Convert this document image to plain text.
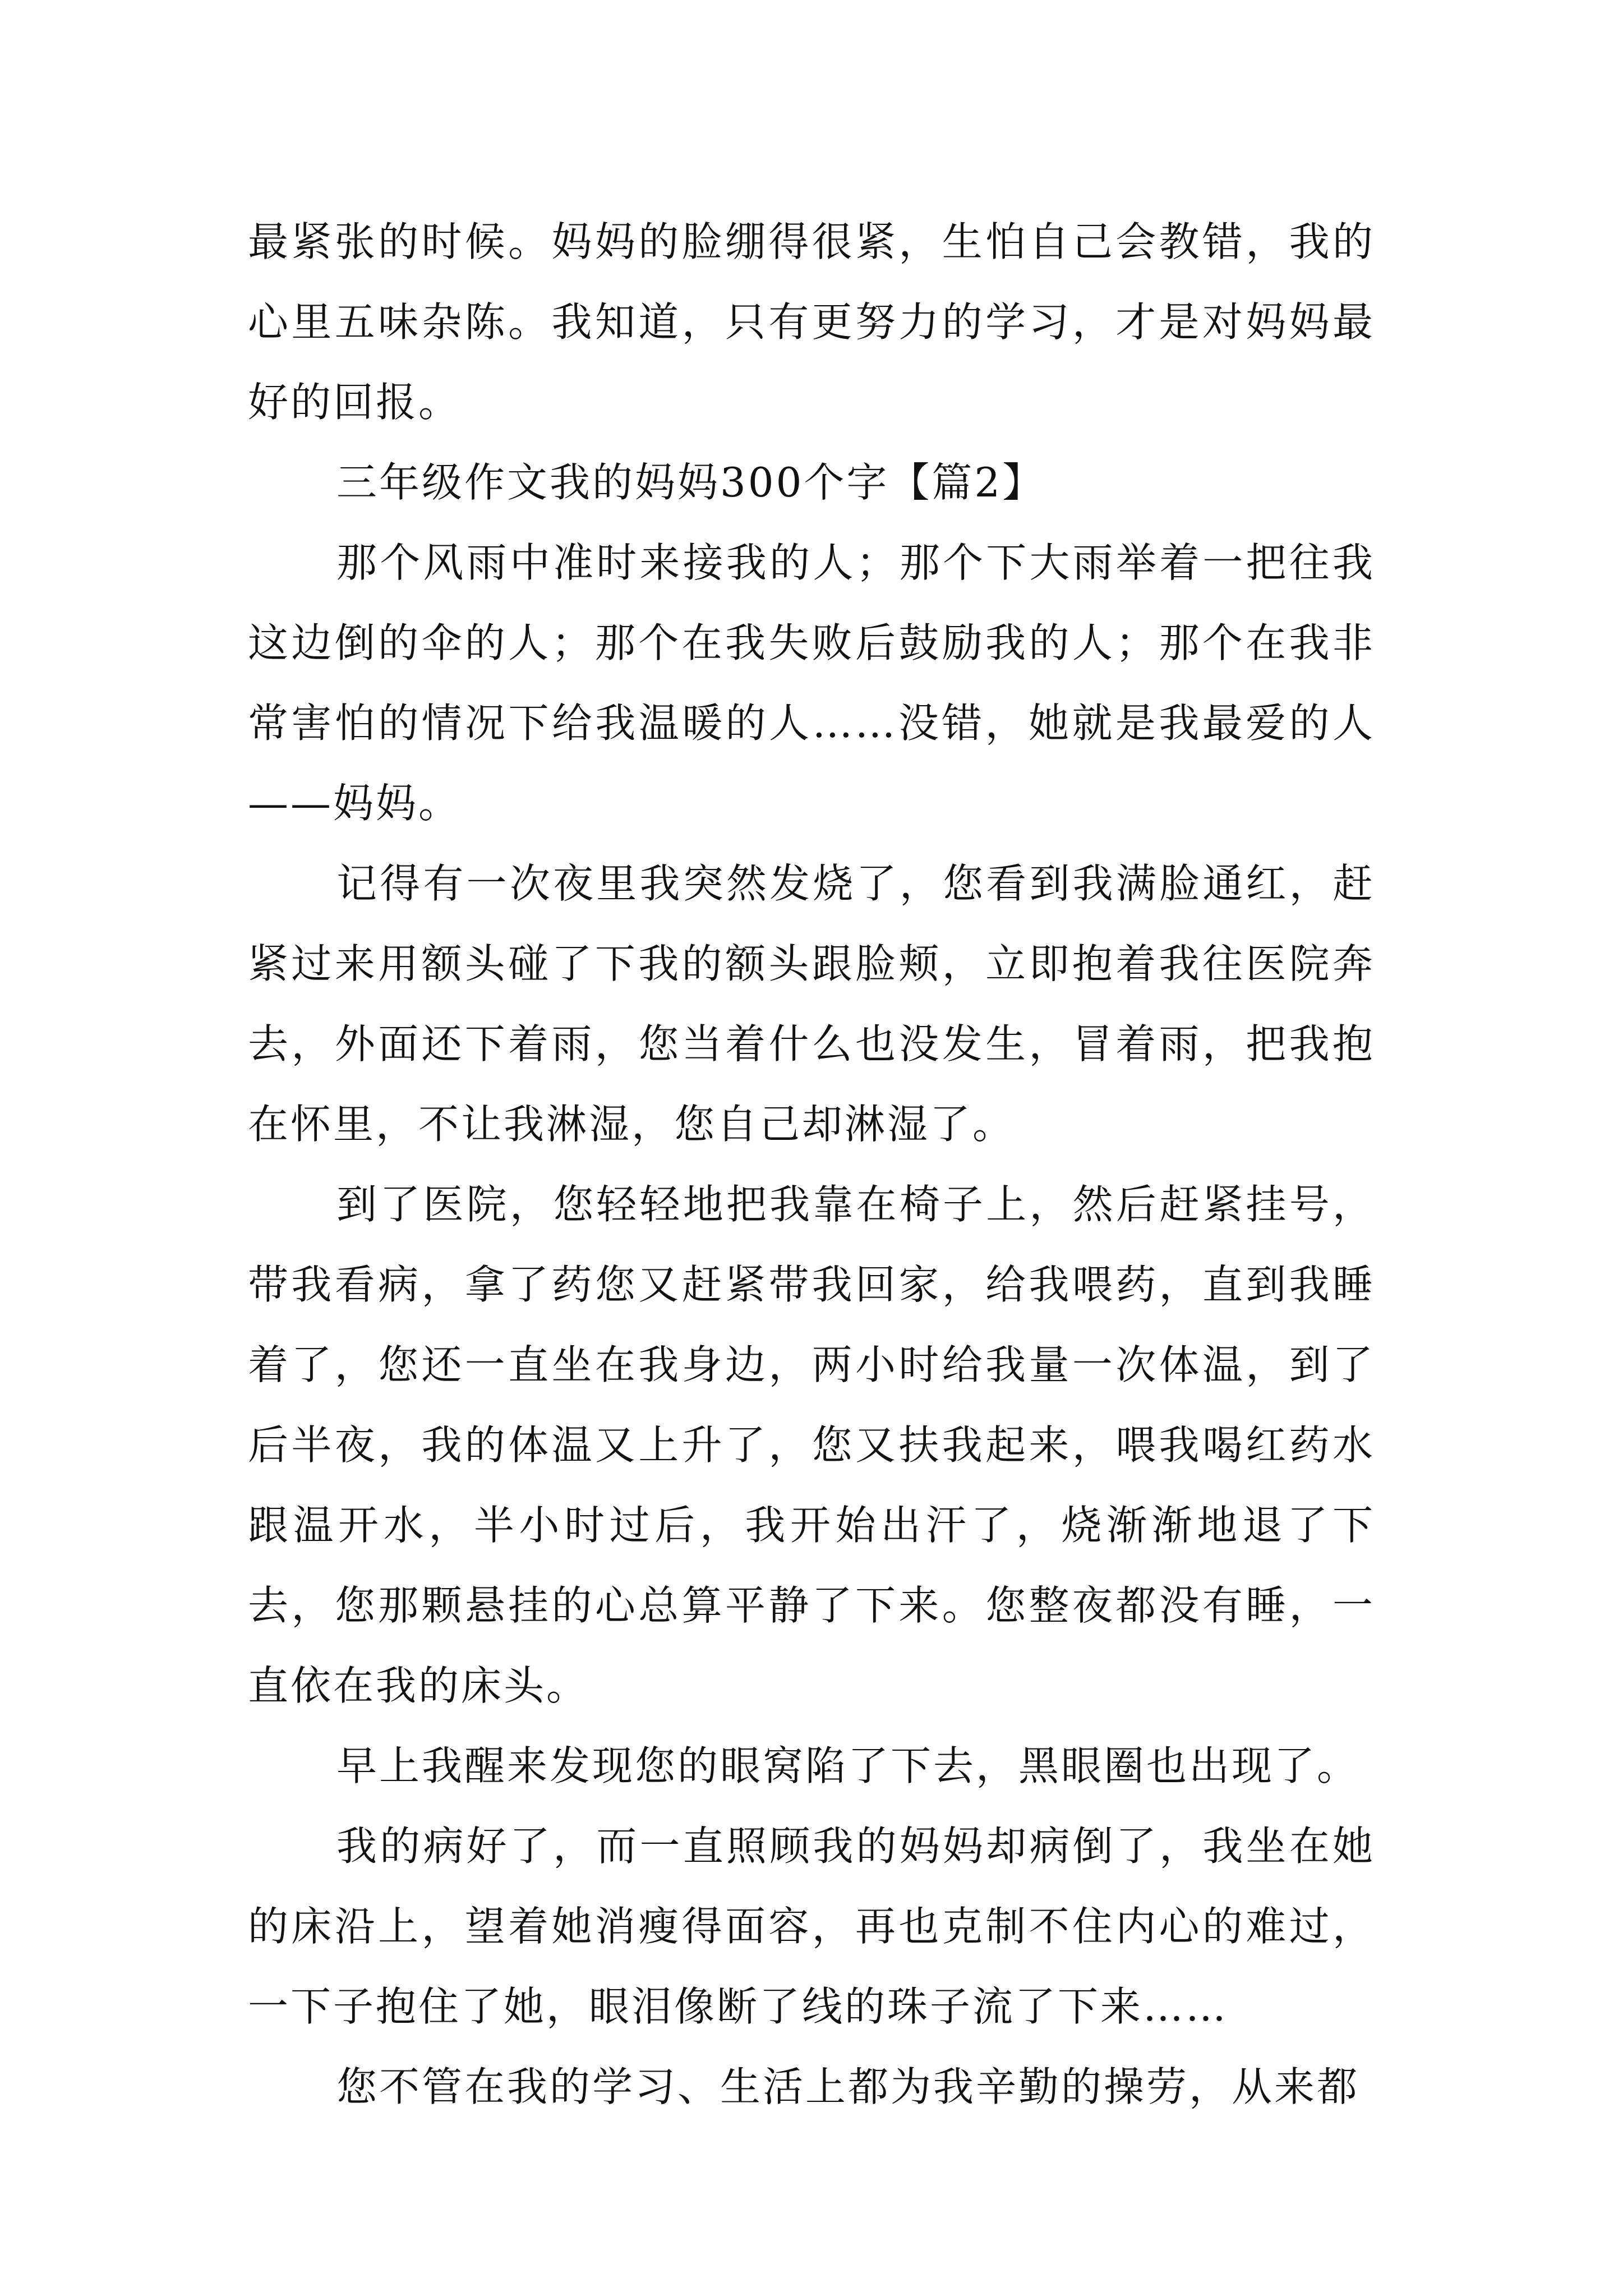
最紧张的时候。妈妈的脸绷得很紧，生怕自己会教错，我的心里五味杂陈。我知道，只有更努力的学习，才是对妈妈最好的回报。

三年级作文我的妈妈300个字【篇2】

那个风雨中准时来接我的人；那个下大雨举着一把往我这边倒的伞的人；那个在我失败后鼓励我的人；那个在我非常害怕的情况下给我温暖的人……没错，她就是我最爱的人——妈妈。

记得有一次夜里我突然发烧了，您看到我满脸通红，赶紧过来用额头碰了下我的额头跟脸颊，立即抱着我往医院奔去，外面还下着雨，您当着什么也没发生，冒着雨，把我抱在怀里，不让我淋湿，您自己却淋湿了。

到了医院，您轻轻地把我靠在椅子上，然后赶紧挂号，带我看病，拿了药您又赶紧带我回家，给我喂药，直到我睡着了，您还一直坐在我身边，两小时给我量一次体温，到了后半夜，我的体温又上升了，您又扶我起来，喂我喝红药水跟温开水，半小时过后，我开始出汗了，烧渐渐地退了下去，您那颗悬挂的心总算平静了下来。您整夜都没有睡，一直依在我的床头。

早上我醒来发现您的眼窝陷了下去，黑眼圈也出现了。

我的病好了，而一直照顾我的妈妈却病倒了，我坐在她的床沿上，望着她消瘦得面容，再也克制不住内心的难过，一下子抱住了她，眼泪像断了线的珠子流了下来……

您不管在我的学习、生活上都为我辛勤的操劳，从来都
